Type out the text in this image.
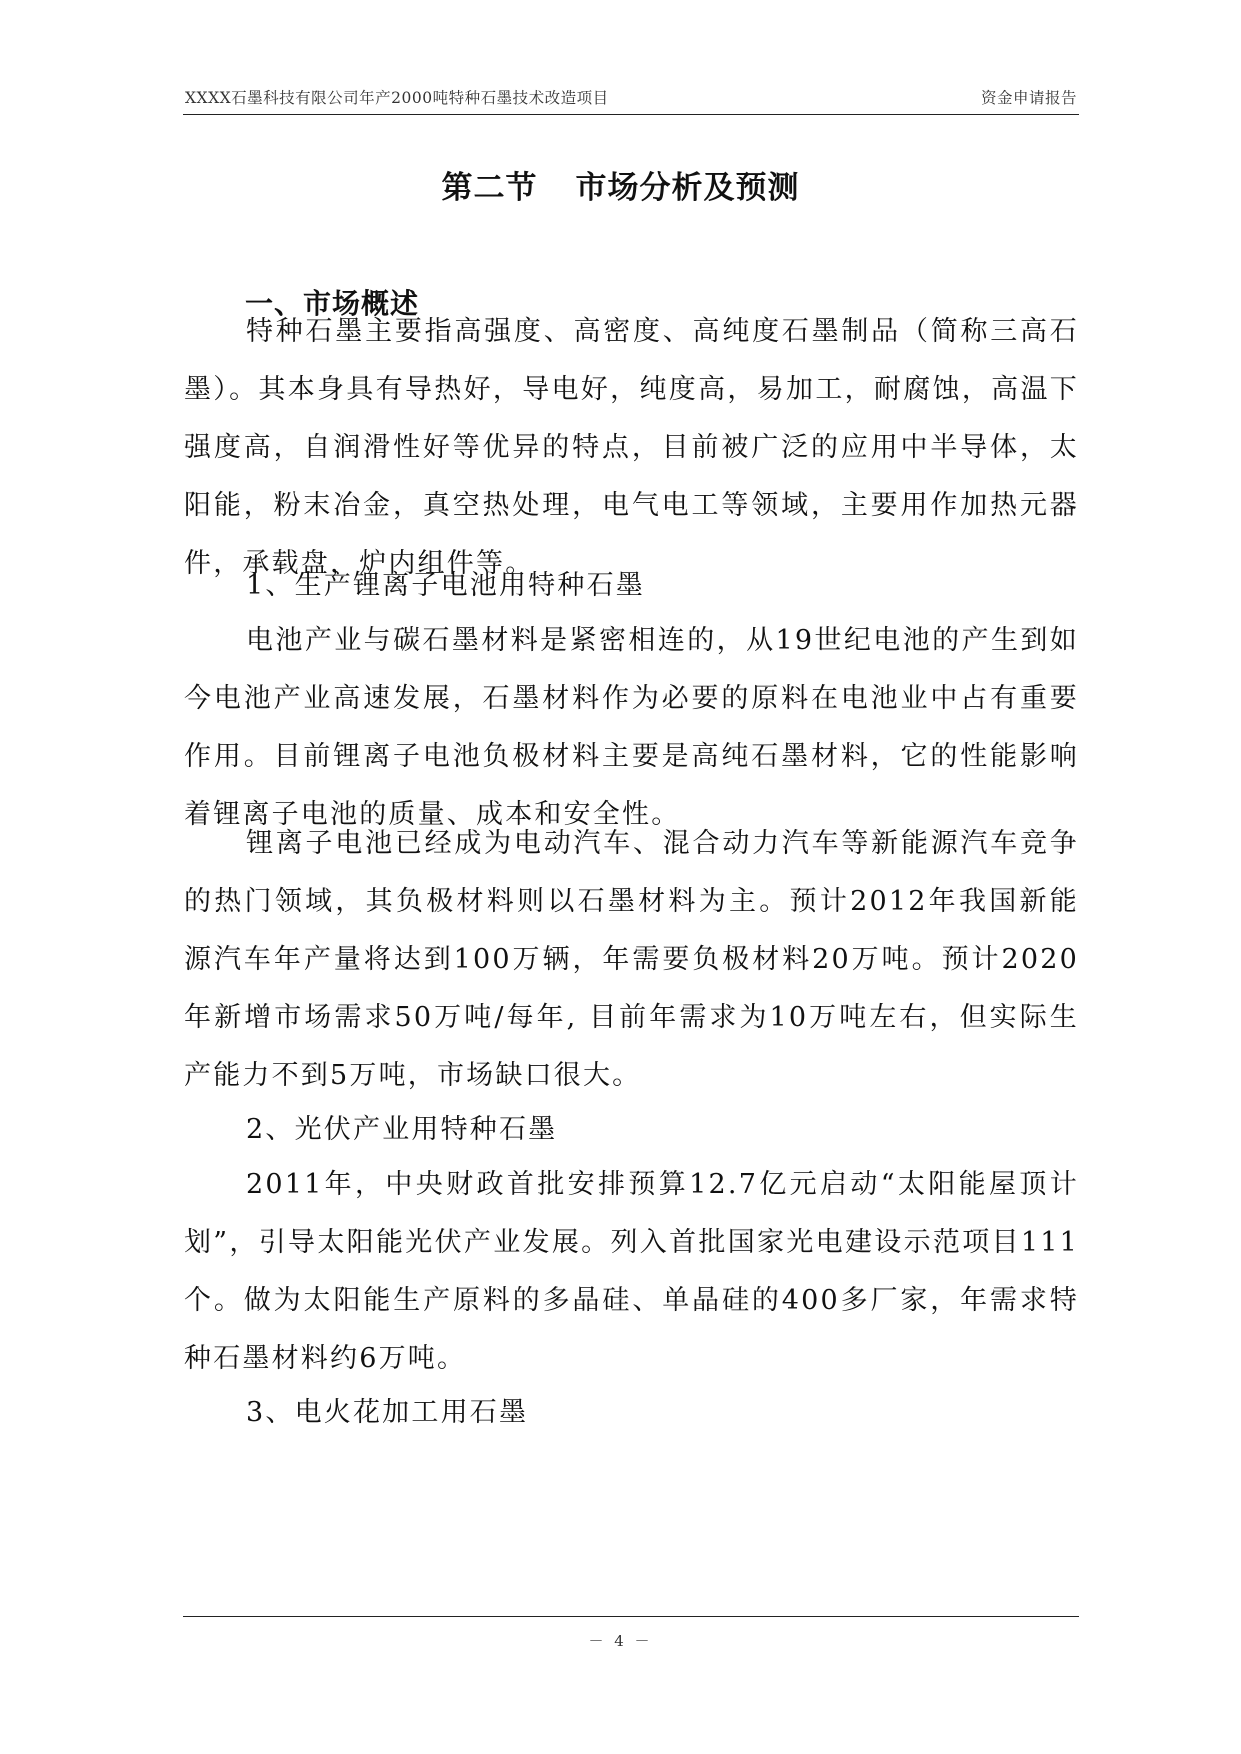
XXXX石墨科技有限公司年产2000吨特种石墨技术改造项目	资金申请报告
第二节 市场分析及预测
一、市场概述

特种石墨主要指高强度、高密度、高纯度石墨制品（简称三高石墨）。其本身具有导热好，导电好，纯度高，易加工，耐腐蚀，高温下强度高，自润滑性好等优异的特点，目前被广泛的应用中半导体，太阳能，粉末冶金，真空热处理，电气电工等领域，主要用作加热元器件，承载盘，炉内组件等。

1、生产锂离子电池用特种石墨

电池产业与碳石墨材料是紧密相连的，从19世纪电池的产生到如今电池产业高速发展，石墨材料作为必要的原料在电池业中占有重要作用。目前锂离子电池负极材料主要是高纯石墨材料，它的性能影响着锂离子电池的质量、成本和安全性。

锂离子电池已经成为电动汽车、混合动力汽车等新能源汽车竞争的热门领域，其负极材料则以石墨材料为主。预计2012年我国新能源汽车年产量将达到100万辆，年需要负极材料20万吨。预计2020年新增市场需求50万吨/每年, 目前年需求为10万吨左右，但实际生产能力不到5万吨，市场缺口很大。

2、光伏产业用特种石墨

2011年，中央财政首批安排预算12.7亿元启动“太阳能屋顶计划”，引导太阳能光伏产业发展。列入首批国家光电建设示范项目111个。做为太阳能生产原料的多晶硅、单晶硅的400多厂家，年需求特种石墨材料约6万吨。

3、电火花加工用石墨
－ 4 －
